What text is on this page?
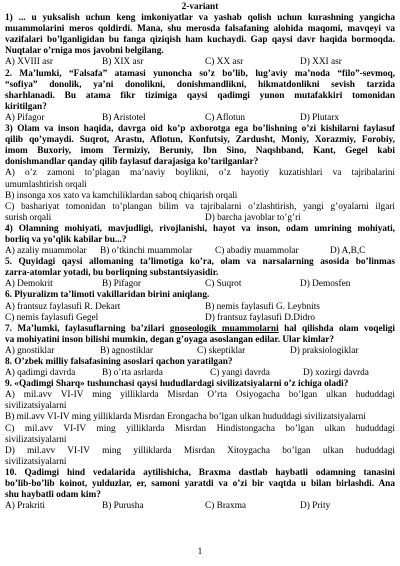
2-variant
1) ... u yuksalish uchun keng imkoniyatlar va yashab qolish uchun kurashning yangicha
muammolarini meros qoldirdi. Mana, shu merosda falsafaning alohida maqomi, mavqeyi va
vazifalari bo’lganligidan bu fanga qiziqish ham kuchaydi. Gap qaysi davr haqida bormoqda.
Nuqtalar o’rniga mos javobni belgilang.
A) XVIII asr	B) XIX asr	C) XX asr	D) XXI asr
2. Ma’lumki, “Falsafa” atamasi yunoncha so’z bo’lib, lug’aviy ma’noda “filo”-sevmoq,
“sofiya” donolik, ya’ni donolikni, donishmandlikni, hikmatdonlikni sevish tarzida
sharhlanadi. Bu atama fikr tizimiga qaysi qadimgi yunon mutafakkiri tomonidan
kiritilgan?
A) Pifagor	B) Aristotel	C) Aflotun	D) Plutarx
3) Olam va inson haqida, davrga oid ko’p axborotga ega bo’lishning o’zi kishilarni faylasuf
qilib qo’ymaydi. Suqrot, Arastu, Aflotun, Konfutsiy, Zardusht, Moniy, Xorazmiy, Forobiy,
imom Buxoriy, imom Termiziy, Beruniy, Ibn Sino, Naqshband, Kant, Gegel kabi
donishmandlar qanday qilib faylasuf darajasiga ko’tarilganlar?
A) o’z zamoni to’plagan ma’naviy boylikni, o’z hayotiy kuzatishlari va tajribalarini
umumlashtirish orqali
B) insonga xos xato va kamchiliklardan saboq chiqarish orqali
C) bashariyat tomonidan to’plangan bilim va tajribalarni o’zlashtirish, yangi g’oyalarni ilgari
surish orqali	D) barcha javoblar to’g’ri
4) Olamning mohiyati, mavjudligi, rivojlanishi, hayot va inson, odam umrining mohiyati,
borliq va yo’qlik kabilar bu...?
A) azaliy muammolar	B) o’tkinchi muammolar	C) abadiy muammolar	D) A,B,C
5. Quyidagi qaysi allomaning ta’limotiga ko’ra, olam va narsalarning asosida bo’linmas
zarra-atomlar yotadi, bu borliqning substantsiyasidir.
A) Demokrit	B) Pifagor	C) Suqrot	D) Demosfen
6. Plyuralizm ta’limoti vakillaridan birini aniqlang.
A) frantsuz faylasufi R. Dekart	B) nemis faylasufi G. Leybnits
C) nemis faylasufi Gegel	D) frantsuz faylasufi D.Didro
7. Ma’lumki, faylasuflarning ba’zilari gnoseologik muammolarni hal qilishda olam voqeligi
va mohiyatini inson bilishi mumkin, degan g’oyaga asoslangan edilar. Ular kimlar?
A) gnostiklar	B) agnostiklar	C) skeptiklar	D) praksiologiklar
8. O’zbek milliy falsafasining asoslari qachon yaratilgan?
A) qadimgi davrda	B) o’rta asrlarda	C) yangi davrda	D) xozirgi davrda
9. «Qadimgi Sharq» tushunchasi qaysi hududlardagi sivilizatsiyalarni o’z ichiga oladi?
A) mil.avv VI-IV ming yilliklarda Misrdan O’rta Osiyogacha bo’lgan ulkan hududdagi
sivilizatsiyalarni
B) mil.avv VI-IV ming yilliklarda Misrdan Erongacha bo’lgan ulkan hududdagi sivilizatsiyalarni
C) mil.avv VI-IV ming yilliklarda Misrdan Hindistongacha bo’lgan ulkan hududdagi
sivilizatsiyalarni
D) mil.avv VI-IV ming yilliklarda Misrdan Xitoygacha bo’lgan ulkan hududdagi
sivilizatsiyalarni
10. Qadimgi hind vedalarida aytilishicha, Braxma dastlab haybatli odamning tanasini
bo’lib-bo’lib koinot, yulduzlar, er, samoni yaratdi va o’zi bir vaqtda u bilan birlashdi. Ana
shu haybatli odam kim?
A) Prakriti	B) Purusha	C) Braxma	D) Prity
1
